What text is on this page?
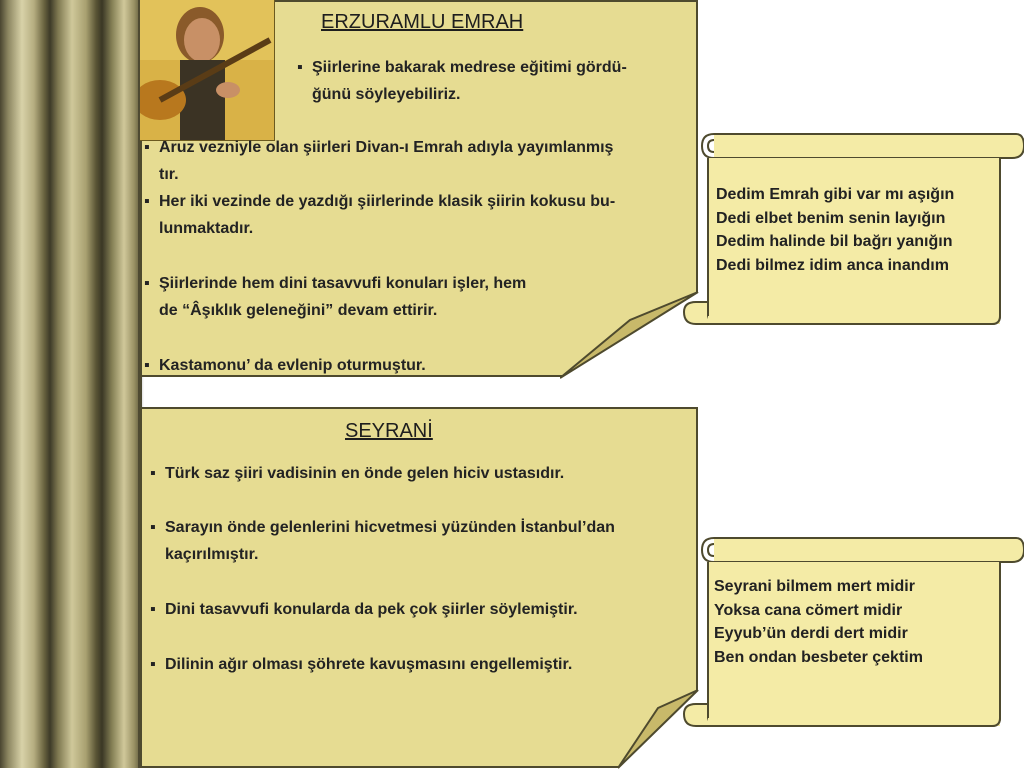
ERZURAMLU EMRAH

▪ Şiirlerine bakarak medrese eğitimi gördü-

ğünü söyleyebiliriz.

▪ Aruz vezniyle olan şiirleri Divan-ı Emrah adıyla yayımlanmış

tır.

▪ Her iki vezinde de yazdığı şiirlerinde klasik şiirin kokusu bu-

lunmaktadır.

▪ Şiirlerinde hem dini tasavvufi konuları işler, hem

de “Âşıklık geleneğini” devam ettirir.

▪ Kastamonu’ da evlenip oturmuştur.

Dedim Emrah gibi var mı aşığın
Dedi elbet benim senin layığın
Dedim halinde bil bağrı yanığın
Dedi bilmez idim anca inandım
SEYRANİ

▪ Türk saz şiiri vadisinin en önde gelen hiciv ustasıdır.

▪ Sarayın önde gelenlerini hicvetmesi yüzünden İstanbul’dan

kaçırılmıştır.

▪ Dini tasavvufi konularda da pek çok şiirler söylemiştir.

▪ Dilinin ağır olması şöhrete kavuşmasını engellemiştir.

Seyrani bilmem mert midir
Yoksa cana cömert midir
Eyyub’ün derdi dert midir
Ben ondan besbeter çektim
